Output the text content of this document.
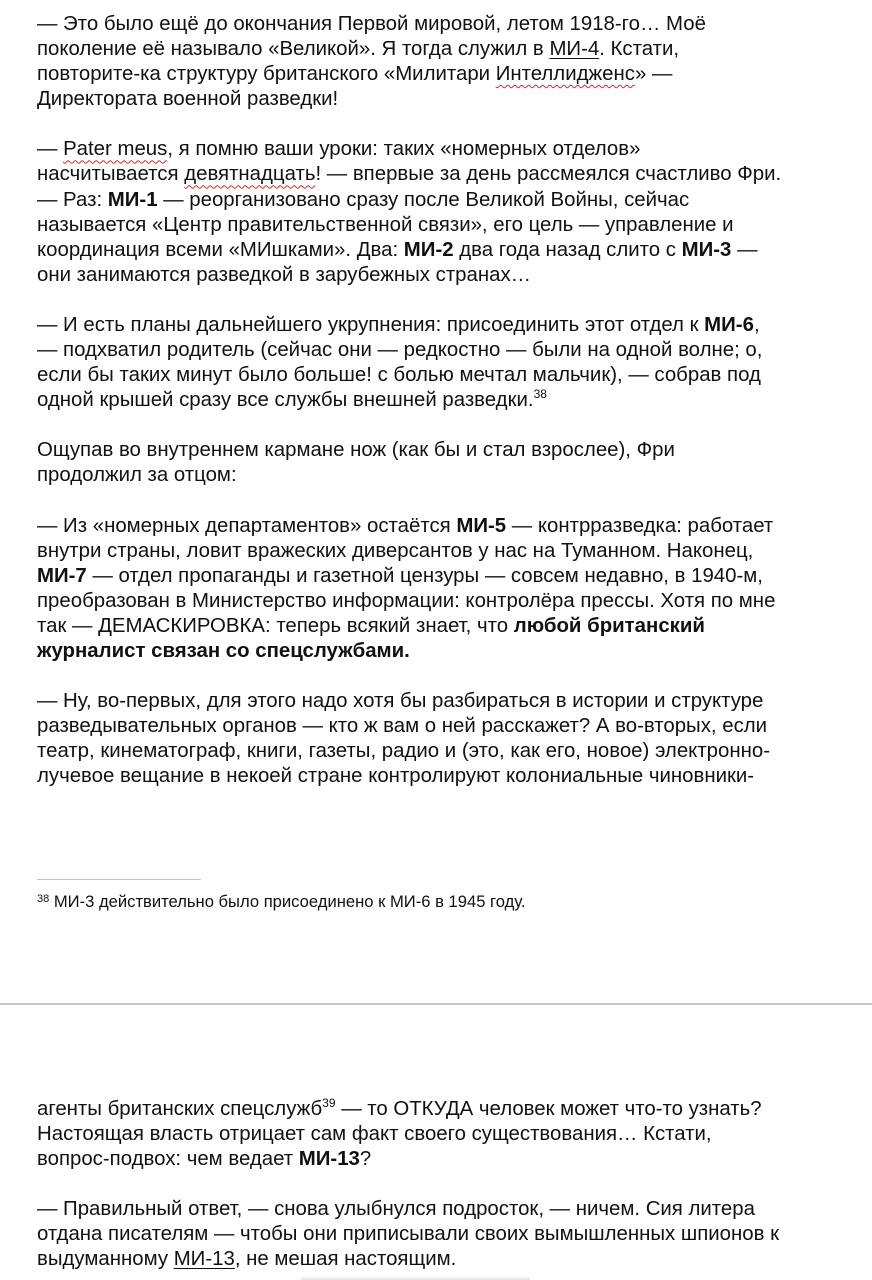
— Это было ещё до окончания Первой мировой, летом 1918-го… Моё
поколение её называло «Великой». Я тогда служил в МИ-4. Кстати,
повторите-ка структуру британского «Милитари Интеллидженс» —
Директората военной разведки!

— Pater meus, я помню ваши уроки: таких «номерных отделов»
насчитывается девятнадцать! — впервые за день рассмеялся счастливо Фри.
— Раз: МИ-1 — реорганизовано сразу после Великой Войны, сейчас
называется «Центр правительственной связи», его цель — управление и
координация всеми «МИшками». Два: МИ-2 два года назад слито с МИ-3 —
они занимаются разведкой в зарубежных странах…

— И есть планы дальнейшего укрупнения: присоединить этот отдел к МИ-6,
— подхватил родитель (сейчас они — редкостно — были на одной волне; о,
если бы таких минут было больше! с болью мечтал мальчик), — собрав под
одной крышей сразу все службы внешней разведки.$^{38}$

Ощупав во внутреннем кармане нож (как бы и стал взрослее), Фри
продолжил за отцом:

— Из «номерных департаментов» остаётся МИ-5 — контрразведка: работает
внутри страны, ловит вражеских диверсантов у нас на Туманном. Наконец,
МИ-7 — отдел пропаганды и газетной цензуры — совсем недавно, в 1940-м,
преобразован в Министерство информации: контролёра прессы. Хотя по мне
так — ДЕМАСКИРОВКА: теперь всякий знает, что любой британский
журналист связан со спецслужбами.

— Ну, во-первых, для этого надо хотя бы разбираться в истории и структуре
разведывательных органов — кто ж вам о ней расскажет? А во-вторых, если
театр, кинематограф, книги, газеты, радио и (это, как его, новое) электронно-
лучевое вещание в некоей стране контролируют колониальные чиновники-

$^{38}$ МИ-3 действительно было присоединено к МИ-6 в 1945 году.

агенты британских спецслужб$^{39}$ — то ОТКУДА человек может что-то узнать?
Настоящая власть отрицает сам факт своего существования… Кстати,
вопрос-подвох: чем ведает МИ-13?

— Правильный ответ, — снова улыбнулся подросток, — ничем. Сия литера
отдана писателям — чтобы они приписывали своих вымышленных шпионов к
выдуманному МИ-13, не мешая настоящим.
